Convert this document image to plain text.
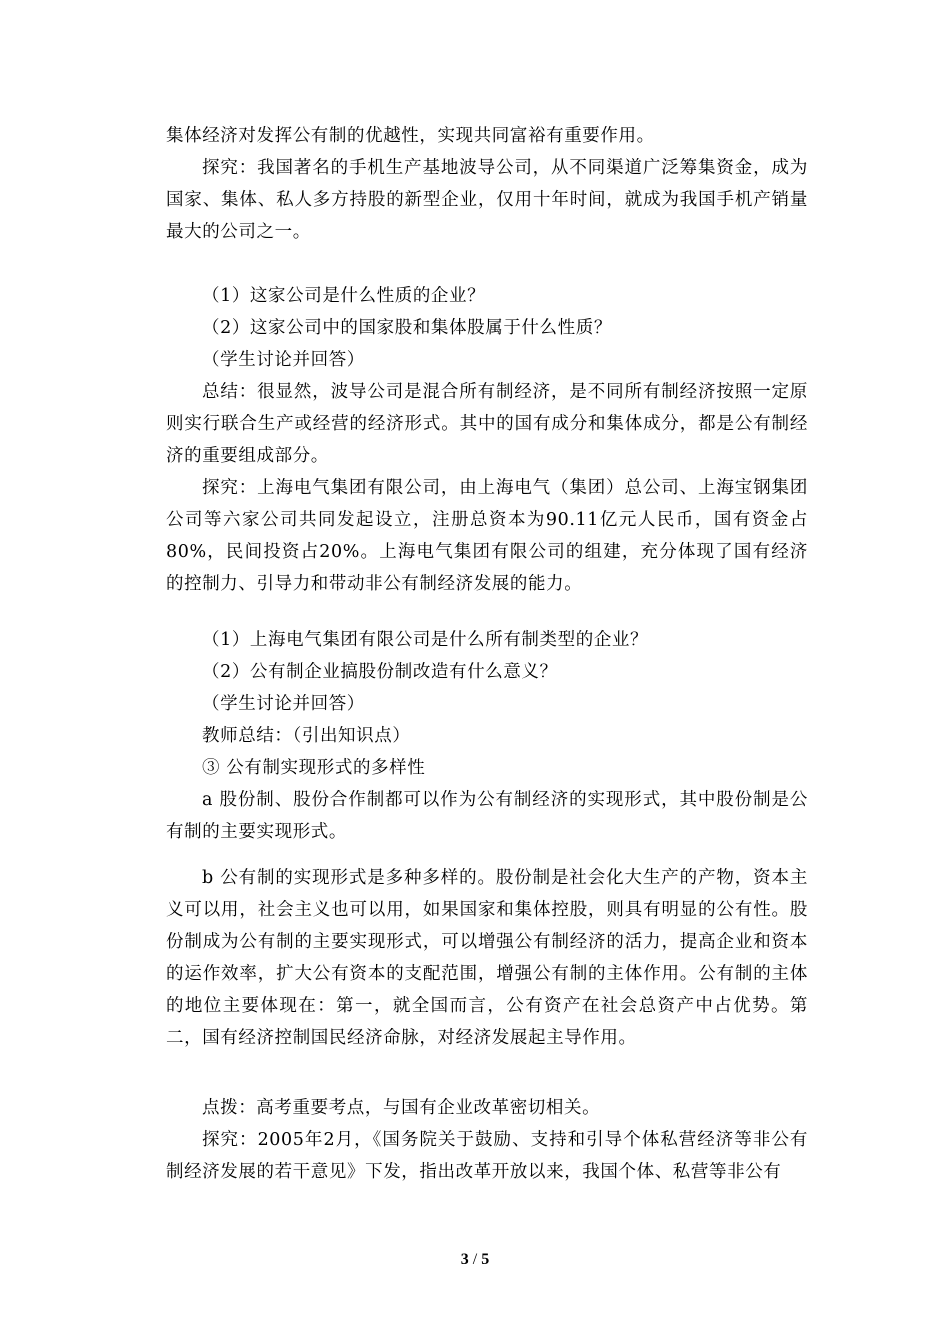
集体经济对发挥公有制的优越性，实现共同富裕有重要作用。

探究：我国著名的手机生产基地波导公司，从不同渠道广泛筹集资金，成为国家、集体、私人多方持股的新型企业，仅用十年时间，就成为我国手机产销量最大的公司之一。

（1）这家公司是什么性质的企业？

（2）这家公司中的国家股和集体股属于什么性质？

（学生讨论并回答）

总结：很显然，波导公司是混合所有制经济，是不同所有制经济按照一定原则实行联合生产或经营的经济形式。其中的国有成分和集体成分，都是公有制经济的重要组成部分。

探究：上海电气集团有限公司，由上海电气（集团）总公司、上海宝钢集团公司等六家公司共同发起设立，注册总资本为90.11亿元人民币，国有资金占80%，民间投资占20%。上海电气集团有限公司的组建，充分体现了国有经济的控制力、引导力和带动非公有制经济发展的能力。

（1）上海电气集团有限公司是什么所有制类型的企业？

（2）公有制企业搞股份制改造有什么意义？

（学生讨论并回答）

教师总结：（引出知识点）

③ 公有制实现形式的多样性

a 股份制、股份合作制都可以作为公有制经济的实现形式，其中股份制是公有制的主要实现形式。

b 公有制的实现形式是多种多样的。股份制是社会化大生产的产物，资本主义可以用，社会主义也可以用，如果国家和集体控股，则具有明显的公有性。股份制成为公有制的主要实现形式，可以增强公有制经济的活力，提高企业和资本的运作效率，扩大公有资本的支配范围，增强公有制的主体作用。公有制的主体的地位主要体现在：第一，就全国而言，公有资产在社会总资产中占优势。第二，国有经济控制国民经济命脉，对经济发展起主导作用。

点拨：高考重要考点，与国有企业改革密切相关。

探究：2005年2月，《国务院关于鼓励、支持和引导个体私营经济等非公有制经济发展的若干意见》下发，指出改革开放以来，我国个体、私营等非公有

3 / 5
